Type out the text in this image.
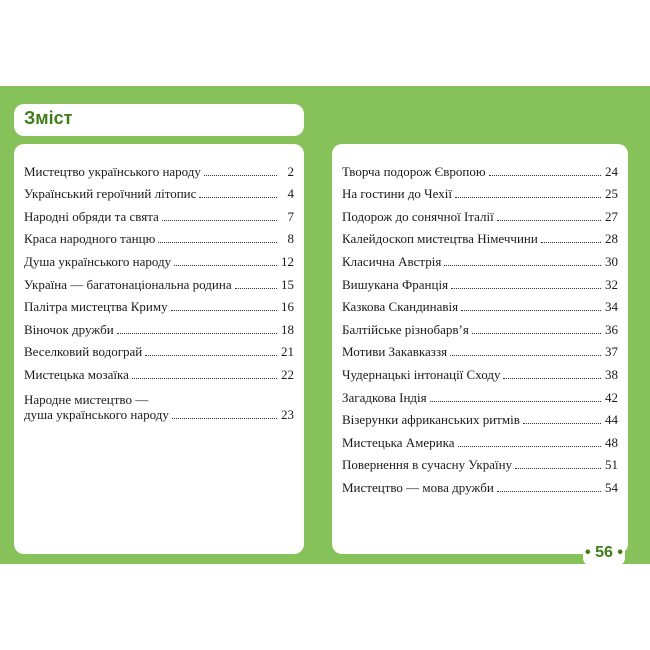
Зміст
Мистецтво українського народу	2
Український героїчний літопис	4
Народні обряди та свята	7
Краса народного танцю	8
Душа українського народу	12
Україна — багатонаціональна родина	15
Палітра мистецтва Криму	16
Віночок дружби	18
Веселковий водограй	21
Мистецька мозаїка	22
Народне мистецтво —
душа українського народу	23
Творча подорож Європою	24
На гостини до Чехії	25
Подорож до сонячної Італії	27
Калейдоскоп мистецтва Німеччини	28
Класична Австрія	30
Вишукана Франція	32
Казкова Скандинавія	34
Балтійське різнобарв’я	36
Мотиви Закавказзя	37
Чудернацькі інтонації Сходу	38
Загадкова Індія	42
Візерунки африканських ритмів	44
Мистецька Америка	48
Повернення в сучасну Україну	51
Мистецтво — мова дружби	54
• 56 •
